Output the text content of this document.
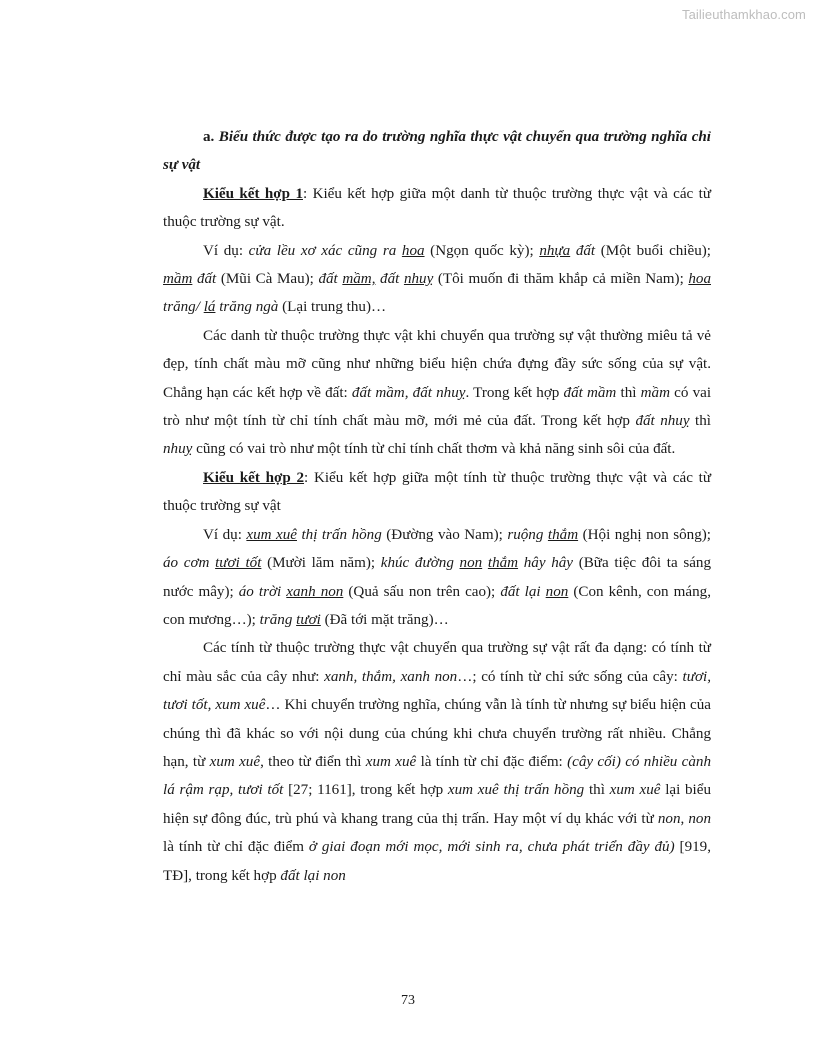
Tailieuthamkhao.com

a. Biểu thức được tạo ra do trường nghĩa thực vật chuyển qua trường nghĩa chỉ sự vật

Kiểu kết hợp 1: Kiểu kết hợp giữa một danh từ thuộc trường thực vật và các từ thuộc trường sự vật.

Ví dụ: cửa lều xơ xác cũng ra hoa (Ngọn quốc kỳ); nhựa đất (Một buổi chiều); mầm đất (Mũi Cà Mau); đất mầm, đất nhuỵ (Tôi muốn đi thăm khắp cả miền Nam); hoa trăng/ lá trăng ngà (Lại trung thu)…

Các danh từ thuộc trường thực vật khi chuyển qua trường sự vật thường miêu tả vẻ đẹp, tính chất màu mỡ cũng như những biểu hiện chứa đựng đầy sức sống của sự vật. Chẳng hạn các kết hợp về đất: đất mầm, đất nhuỵ. Trong kết hợp đất mầm thì mầm có vai trò như một tính từ chỉ tính chất màu mỡ, mới mẻ của đất. Trong kết hợp đất nhuỵ thì nhuỵ cũng có vai trò như một tính từ chỉ tính chất thơm và khả năng sinh sôi của đất.

Kiểu kết hợp 2: Kiểu kết hợp giữa một tính từ thuộc trường thực vật và các từ thuộc trường sự vật

Ví dụ: xum xuê thị trấn hồng (Đường vào Nam); ruộng thắm (Hội nghị non sông); áo cơm tươi tốt (Mười lăm năm); khúc đường non thắm hây hây (Bữa tiệc đôi ta sáng nước mây); áo trời xanh non (Quả sấu non trên cao); đất lại non (Con kênh, con máng, con mương…); trăng tươi (Đã tới mặt trăng)…

Các tính từ thuộc trường thực vật chuyển qua trường sự vật rất đa dạng: có tính từ chỉ màu sắc của cây như: xanh, thắm, xanh non…; có tính từ chỉ sức sống của cây: tươi, tươi tốt, xum xuê… Khi chuyển trường nghĩa, chúng vẫn là tính từ nhưng sự biểu hiện của chúng thì đã khác so với nội dung của chúng khi chưa chuyển trường rất nhiều. Chẳng hạn, từ xum xuê, theo từ điển thì xum xuê là tính từ chỉ đặc điểm: (cây cối) có nhiều cành lá rậm rạp, tươi tốt [27; 1161], trong kết hợp xum xuê thị trấn hồng thì xum xuê lại biểu hiện sự đông đúc, trù phú và khang trang của thị trấn. Hay một ví dụ khác với từ non, non là tính từ chỉ đặc điểm ở giai đoạn mới mọc, mới sinh ra, chưa phát triển đầy đủ) [919, TĐ], trong kết hợp đất lại non

73
